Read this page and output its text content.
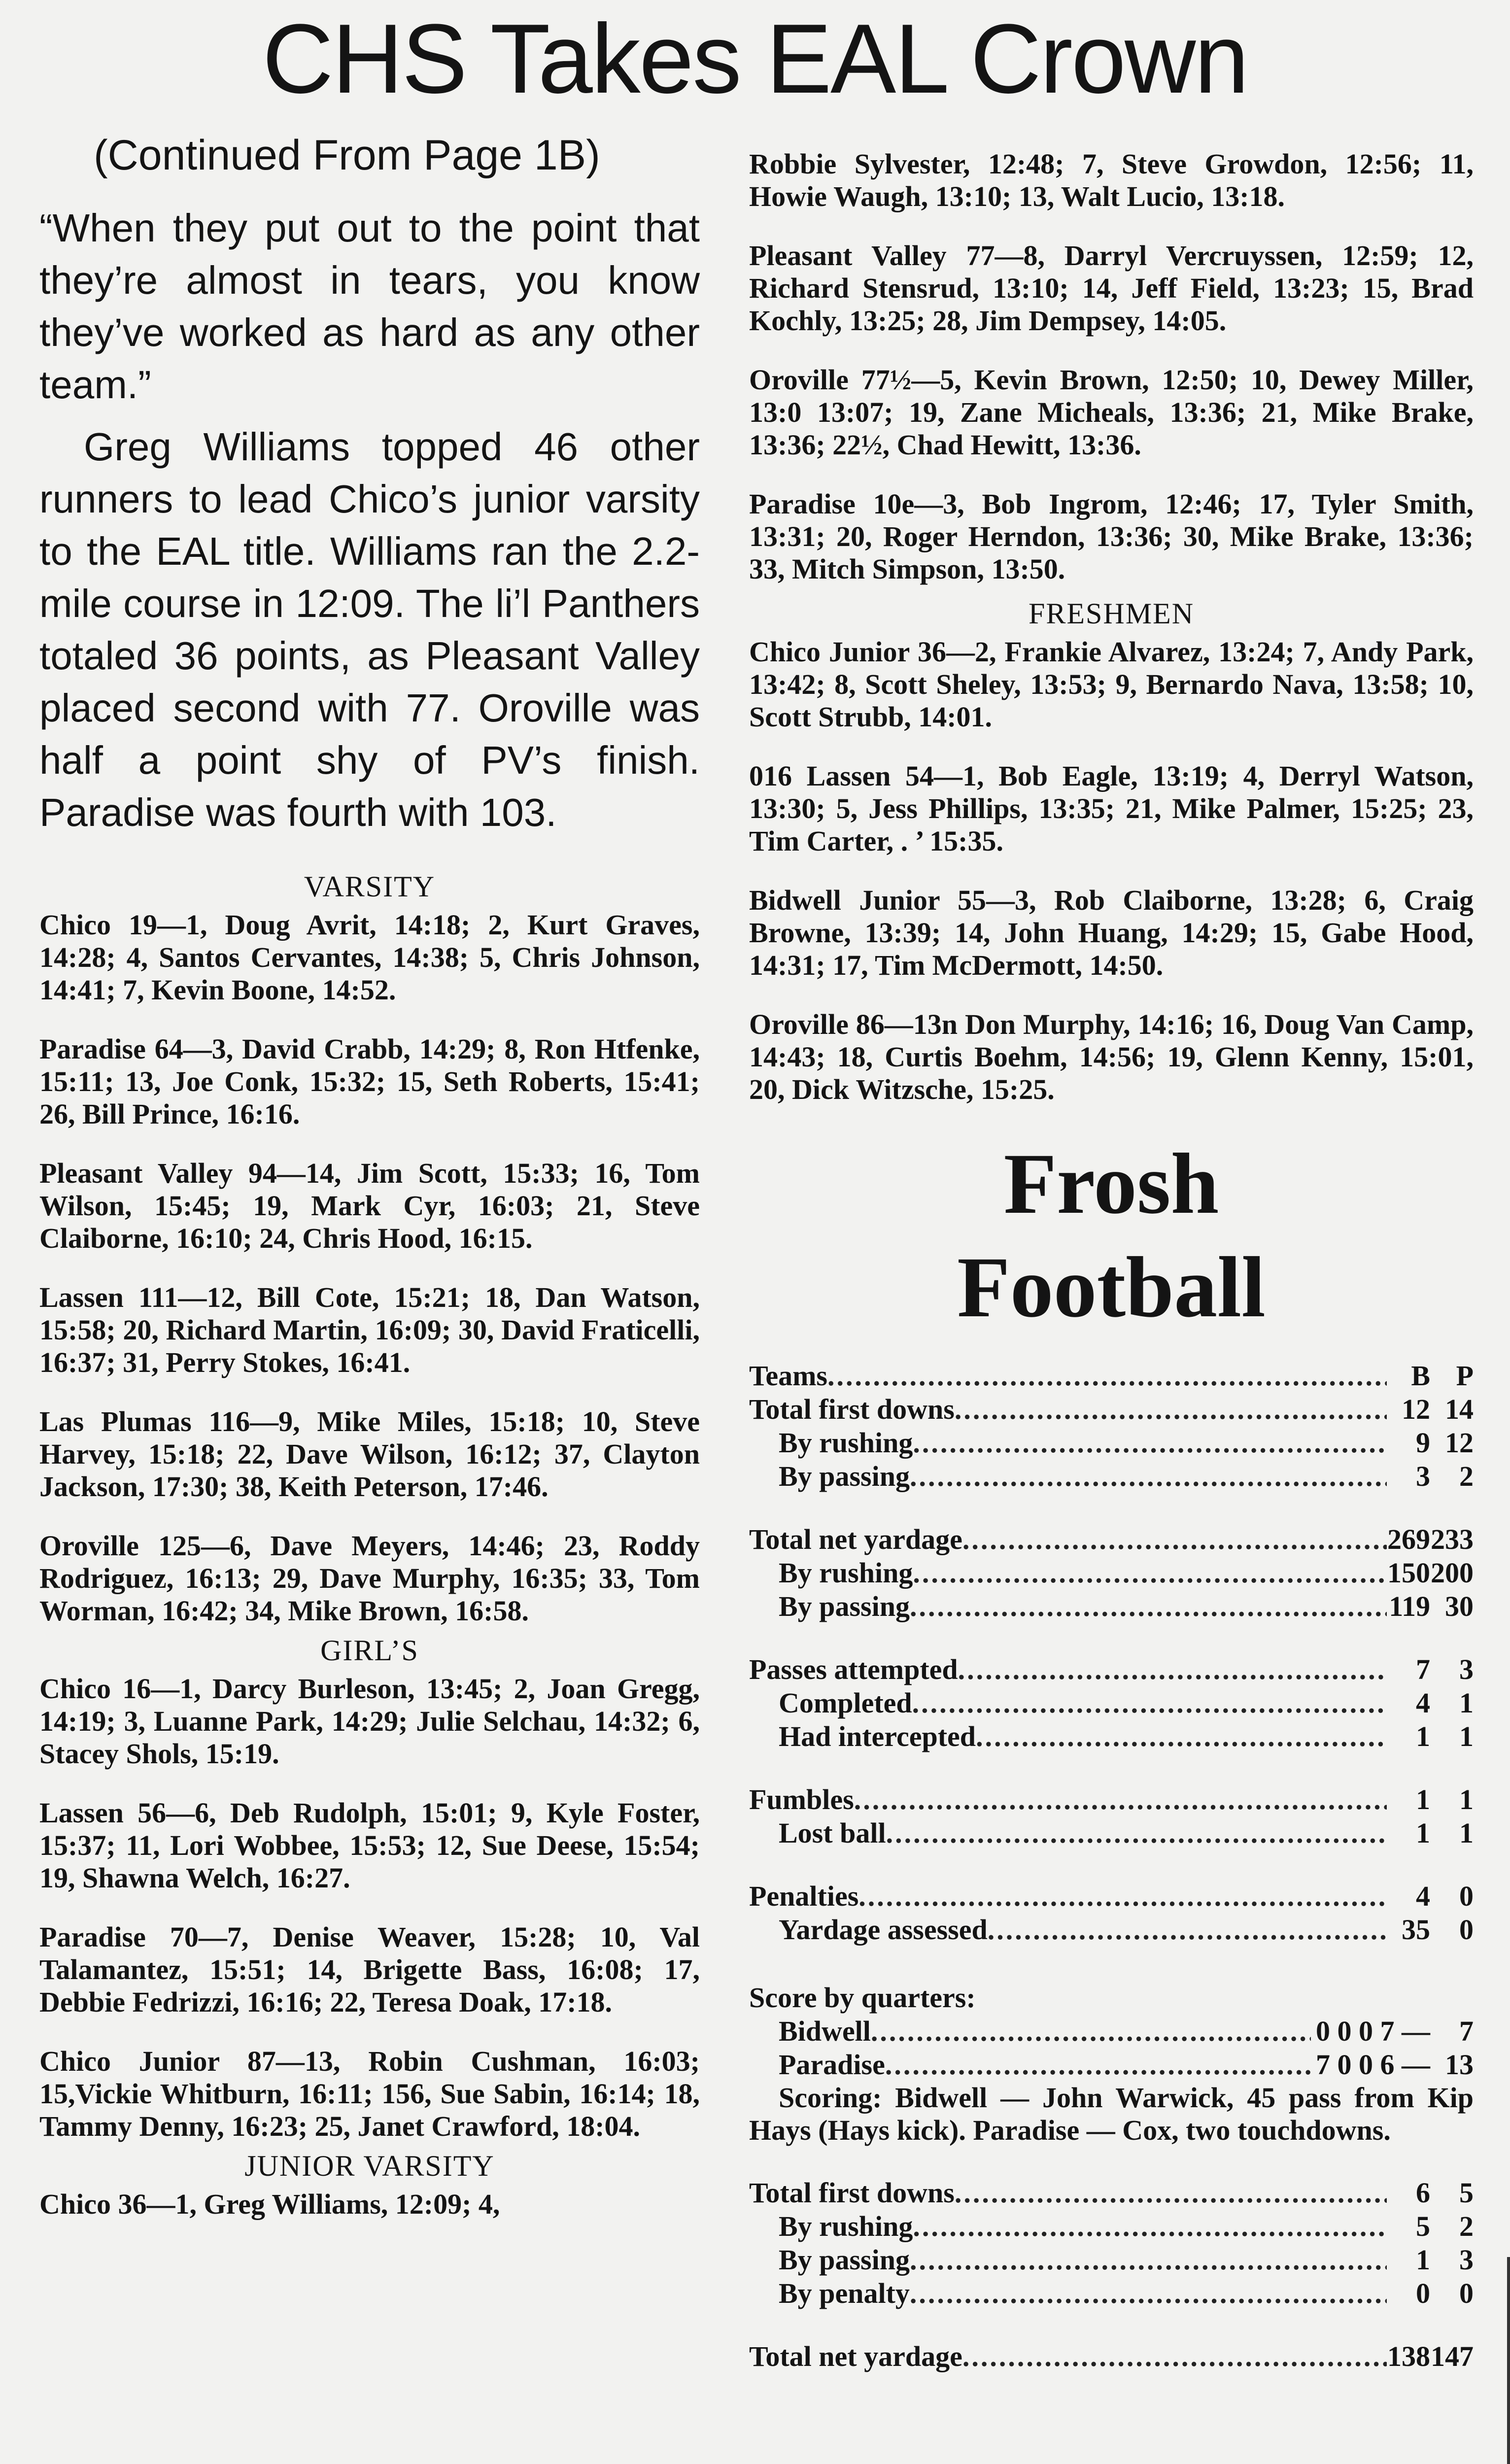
CHS Takes EAL Crown
(Continued From Page 1B)

“When they put out to the point that they’re almost in tears, you know they’ve worked as hard as any other team.”

Greg Williams topped 46 other runners to lead Chico’s junior varsity to the EAL title. Williams ran the 2.2-mile course in 12:09. The li’l Panthers totaled 36 points, as Pleasant Valley placed second with 77. Oroville was half a point shy of PV’s finish. Paradise was fourth with 103.

VARSITY

Chico 19—1, Doug Avrit, 14:18; 2, Kurt Graves, 14:28; 4, Santos Cervantes, 14:38; 5, Chris Johnson, 14:41; 7, Kevin Boone, 14:52.

Paradise 64—3, David Crabb, 14:29; 8, Ron Htfenke, 15:11; 13, Joe Conk, 15:32; 15, Seth Roberts, 15:41; 26, Bill Prince, 16:16.

Pleasant Valley 94—14, Jim Scott, 15:33; 16, Tom Wilson, 15:45; 19, Mark Cyr, 16:03; 21, Steve Claiborne, 16:10; 24, Chris Hood, 16:15.

Lassen 111—12, Bill Cote, 15:21; 18, Dan Watson, 15:58; 20, Richard Martin, 16:09; 30, David Fraticelli, 16:37; 31, Perry Stokes, 16:41.

Las Plumas 116—9, Mike Miles, 15:18; 10, Steve Harvey, 15:18; 22, Dave Wilson, 16:12; 37, Clayton Jackson, 17:30; 38, Keith Peterson, 17:46.

Oroville 125—6, Dave Meyers, 14:46; 23, Roddy Rodriguez, 16:13; 29, Dave Murphy, 16:35; 33, Tom Worman, 16:42; 34, Mike Brown, 16:58.

GIRL’S

Chico 16—1, Darcy Burleson, 13:45; 2, Joan Gregg, 14:19; 3, Luanne Park, 14:29; Julie Selchau, 14:32; 6, Stacey Shols, 15:19.

Lassen 56—6, Deb Rudolph, 15:01; 9, Kyle Foster, 15:37; 11, Lori Wobbee, 15:53; 12, Sue Deese, 15:54; 19, Shawna Welch, 16:27.

Paradise 70—7, Denise Weaver, 15:28; 10, Val Talamantez, 15:51; 14, Brigette Bass, 16:08; 17, Debbie Fedrizzi, 16:16; 22, Teresa Doak, 17:18.

Chico Junior 87—13, Robin Cushman, 16:03; 15,Vickie Whitburn, 16:11; 156, Sue Sabin, 16:14; 18, Tammy Denny, 16:23; 25, Janet Crawford, 18:04.

JUNIOR VARSITY

Chico 36—1, Greg Williams, 12:09; 4,

Robbie Sylvester, 12:48; 7, Steve Growdon, 12:56; 11, Howie Waugh, 13:10; 13, Walt Lucio, 13:18.

Pleasant Valley 77—8, Darryl Vercruyssen, 12:59; 12, Richard Stensrud, 13:10; 14, Jeff Field, 13:23; 15, Brad Kochly, 13:25; 28, Jim Dempsey, 14:05.

Oroville 77½—5, Kevin Brown, 12:50; 10, Dewey Miller, 13:0 13:07; 19, Zane Micheals, 13:36; 21, Mike Brake, 13:36; 22½, Chad Hewitt, 13:36.

Paradise 10e—3, Bob Ingrom, 12:46; 17, Tyler Smith, 13:31; 20, Roger Herndon, 13:36; 30, Mike Brake, 13:36; 33, Mitch Simpson, 13:50.

FRESHMEN

Chico Junior 36—2, Frankie Alvarez, 13:24; 7, Andy Park, 13:42; 8, Scott Sheley, 13:53; 9, Bernardo Nava, 13:58; 10, Scott Strubb, 14:01.

016 Lassen 54—1, Bob Eagle, 13:19; 4, Derryl Watson, 13:30; 5, Jess Phillips, 13:35; 21, Mike Palmer, 15:25; 23, Tim Carter, . ’ 15:35.

Bidwell Junior 55—3, Rob Claiborne, 13:28; 6, Craig Browne, 13:39; 14, John Huang, 14:29; 15, Gabe Hood, 14:31; 17, Tim McDermott, 14:50.

Oroville 86—13n Don Murphy, 14:16; 16, Doug Van Camp, 14:43; 18, Curtis Boehm, 14:56; 19, Glenn Kenny, 15:01, 20, Dick Witzsche, 15:25.

Frosh
Football
Teams .....	B P
Total first downs .....	12 14
By rushing .....	9 12
By passing .....	3	2
Total net yardage .....	269 233
By rushing .....	150 200
By passing .....	119 30
Passes attempted .....	7	3
Completed .....	4	1
Had intercepted .....	1	1
Fumbles .....	1	1
Lost ball .....	1	1
Penalties .....	4	0
Yardage assessed .....	35	0
Score by quarters:
Bidwell .....	0 0 0 7 —	7
Paradise .....	7 0 0 6 — 13
Scoring: Bidwell — John Warwick, 45 pass from Kip Hays (Hays kick). Paradise — Cox, two touchdowns.
Total first downs .....	6	5
By rushing .....	5	2
By passing .....	1	3
By penalty .....	0	0
Total net yardage .....	138 147
